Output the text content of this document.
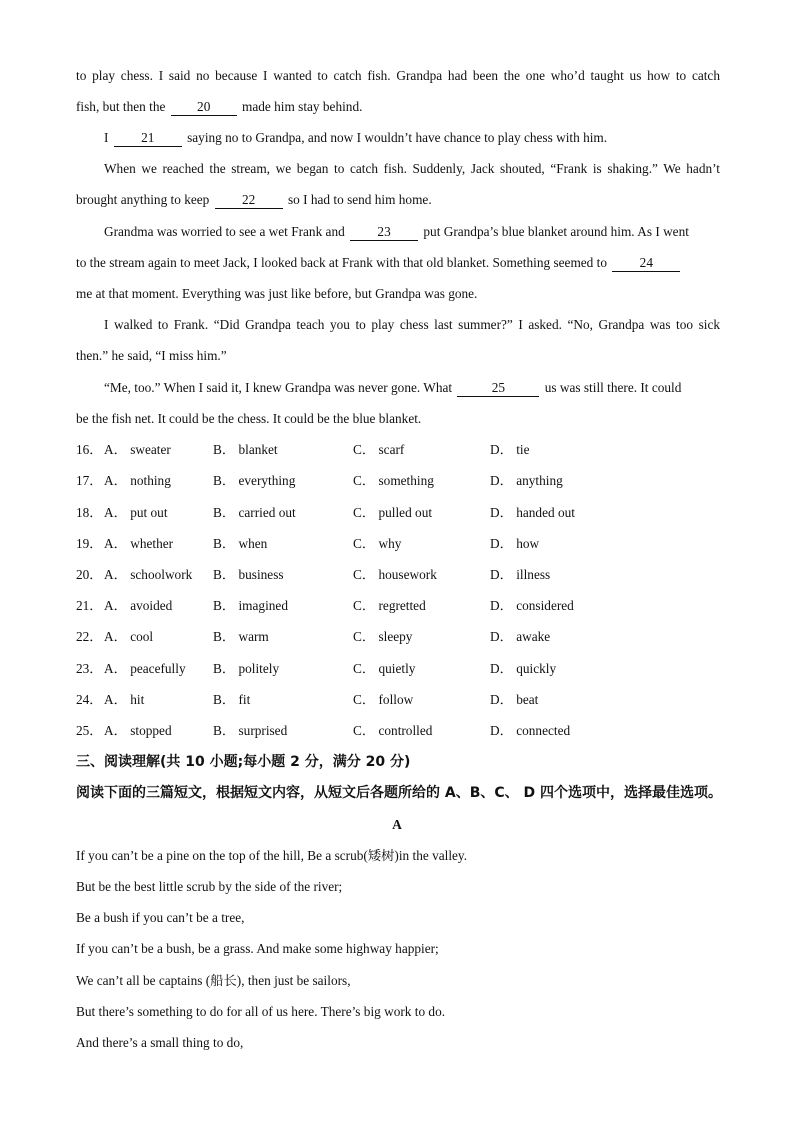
to play chess. I said no because I wanted to catch fish. Grandpa had been the one who’d taught us how to catch
fish, but then the 20 made him stay behind.
I 21 saying no to Grandpa, and now I wouldn’t have chance to play chess with him.
When we reached the stream, we began to catch fish. Suddenly, Jack shouted, “Frank is shaking.” We hadn’t
brought anything to keep 22 so I had to send him home.
Grandma was worried to see a wet Frank and 23 put Grandpa’s blue blanket around him. As I went
to the stream again to meet Jack, I looked back at Frank with that old blanket. Something seemed to 24
me at that moment. Everything was just like before, but Grandpa was gone.
I walked to Frank. “Did Grandpa teach you to play chess last summer?” I asked. “No, Grandpa was too sick
then.” he said, “I miss him.”
“Me, too.” When I said it, I knew Grandpa was never gone. What	25	us was still there. It could
be the fish net. It could be the chess. It could be the blue blanket.
16． A． sweater	B． blanket	C． scarf	D． tie
17． A． nothing	B． everything	C． something	D． anything
18． A． put out	B． carried out	C． pulled out	D． handed out
19． A． whether	B． when	C． why	D． how
20． A． schoolwork B． business	C． housework	D． illness
21． A． avoided	B． imagined	C． regretted	D． considered
22． A． cool	B． warm	C． sleepy	D． awake
23． A． peacefully B． politely	C． quietly	D． quickly
24． A． hit	B． fit	C． follow	D． beat
25． A． stopped	B． surprised	C． controlled	D． connected
三、阅读理解(共 10 小题;每小题 2 分，满分 20 分)
阅读下面的三篇短文，根据短文内容，从短文后各题所给的 A、B、C、 D 四个选项中，选择最佳选项。
A
If you can’t be a pine on the top of the hill, Be a scrub(矮树)in the valley.
But be the best little scrub by the side of the river;
Be a bush if you can’t be a tree,
If you can’t be a bush, be a grass. And make some highway happier;
We can’t all be captains (船长), then just be sailors,
But there’s something to do for all of us here. There’s big work to do.
And there’s a small thing to do,
